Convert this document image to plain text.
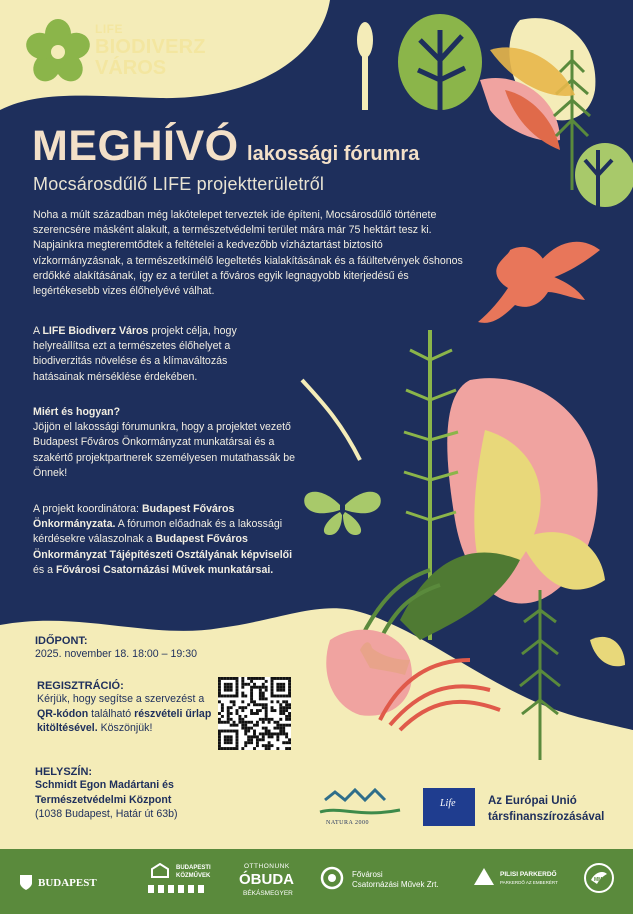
LIFE
BIODIVERZ
VÁROS
MEGHÍVÓ lakossági fórumra
Mocsárosdűlő LIFE projektterületről

Noha a múlt században még lakótelepet terveztek ide építeni, Mocsárosdűlő története szerencsére másként alakult, a természetvédelmi terület mára már 75 hektárt tesz ki. Napjainkra megteremtődtek a feltételei a kedvezőbb vízháztartást biztosító vízkormányzásnak, a természetkímélő legeltetés kialakításának és a fáültetvények őshonos erdőkké alakításának, így ez a terület a főváros egyik legnagyobb kiterjedésű és legértékesebb vizes élőhelyévé válhat.

A LIFE Biodiverz Város projekt célja, hogy helyreállítsa ezt a természetes élőhelyet a biodiverzitás növelése és a klímaváltozás hatásainak mérséklése érdekében.

Miért és hogyan?
Jöjjön el lakossági fórumunkra, hogy a projektet vezető Budapest Főváros Önkormányzat munkatársai és a szakértő projektpartnerek személyesen mutathassák be Önnek!

A projekt koordinátora: Budapest Főváros Önkormányzata. A fórumon előadnak és a lakossági kérdésekre válaszolnak a Budapest Főváros Önkormányzat Tájépítészeti Osztályának képviselői és a Fővárosi Csatornázási Művek munkatársai.

IDŐPONT:
2025. november 18. 18:00 – 19:30
REGISZTRÁCIÓ:
Kérjük, hogy segítse a szervezést a QR-kódon található részvételi űrlap kitöltésével. Köszönjük!
HELYSZÍN:
Schmidt Egon Madártani és Természetvédelmi Központ
(1038 Budapest, Határ út 63b)
NATURA 2000
Life	Az Európai Unió
társfinanszírozásával
BUDAPEST
BUDAPESTI
KÖZMŰVEK
OTTHONUNK
ÓBUDA
BÉKÁSMEGYER
Fővárosi
Csatornázási Művek Zrt.
PILISI PARKERDŐ
PARKERDŐ AZ EMBERÉRT	MME
